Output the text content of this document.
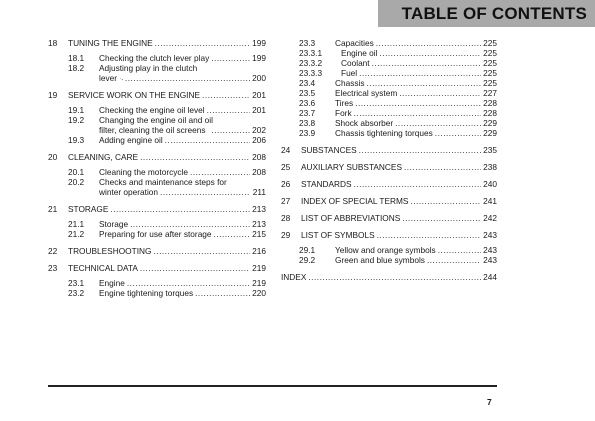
TABLE OF CONTENTS
18	TUNING THE ENGINE .....	199
18.1	Checking the clutch lever play .....	199
18.2	Adjusting play in the clutch
lever .....	200
19	SERVICE WORK ON THE ENGINE .....	201
19.1	Checking the engine oil level .....	201
19.2	Changing the engine oil and oil
filter, cleaning the oil screens .....	202
19.3	Adding engine oil .....	206
20	CLEANING, CARE .....	208
20.1	Cleaning the motorcycle .....	208
20.2	Checks and maintenance steps for
winter operation .....	211
21	STORAGE .....	213
21.1	Storage .....	213
21.2	Preparing for use after storage .....	215
22	TROUBLESHOOTING .....	216
23	TECHNICAL DATA .....	219
23.1	Engine .....	219
23.2	Engine tightening torques .....	220
23.3	Capacities .....	225
23.3.1	Engine oil .....	225
23.3.2	Coolant .....	225
23.3.3	Fuel .....	225
23.4	Chassis .....	225
23.5	Electrical system .....	227
23.6	Tires .....	228
23.7	Fork .....	228
23.8	Shock absorber .....	229
23.9	Chassis tightening torques .....	229
24	SUBSTANCES .....	235
25	AUXILIARY SUBSTANCES .....	238
26	STANDARDS .....	240
27	INDEX OF SPECIAL TERMS .....	241
28	LIST OF ABBREVIATIONS .....	242
29	LIST OF SYMBOLS .....	243
29.1	Yellow and orange symbols .....	243
29.2	Green and blue symbols .....	243
INDEX .....	244
7
